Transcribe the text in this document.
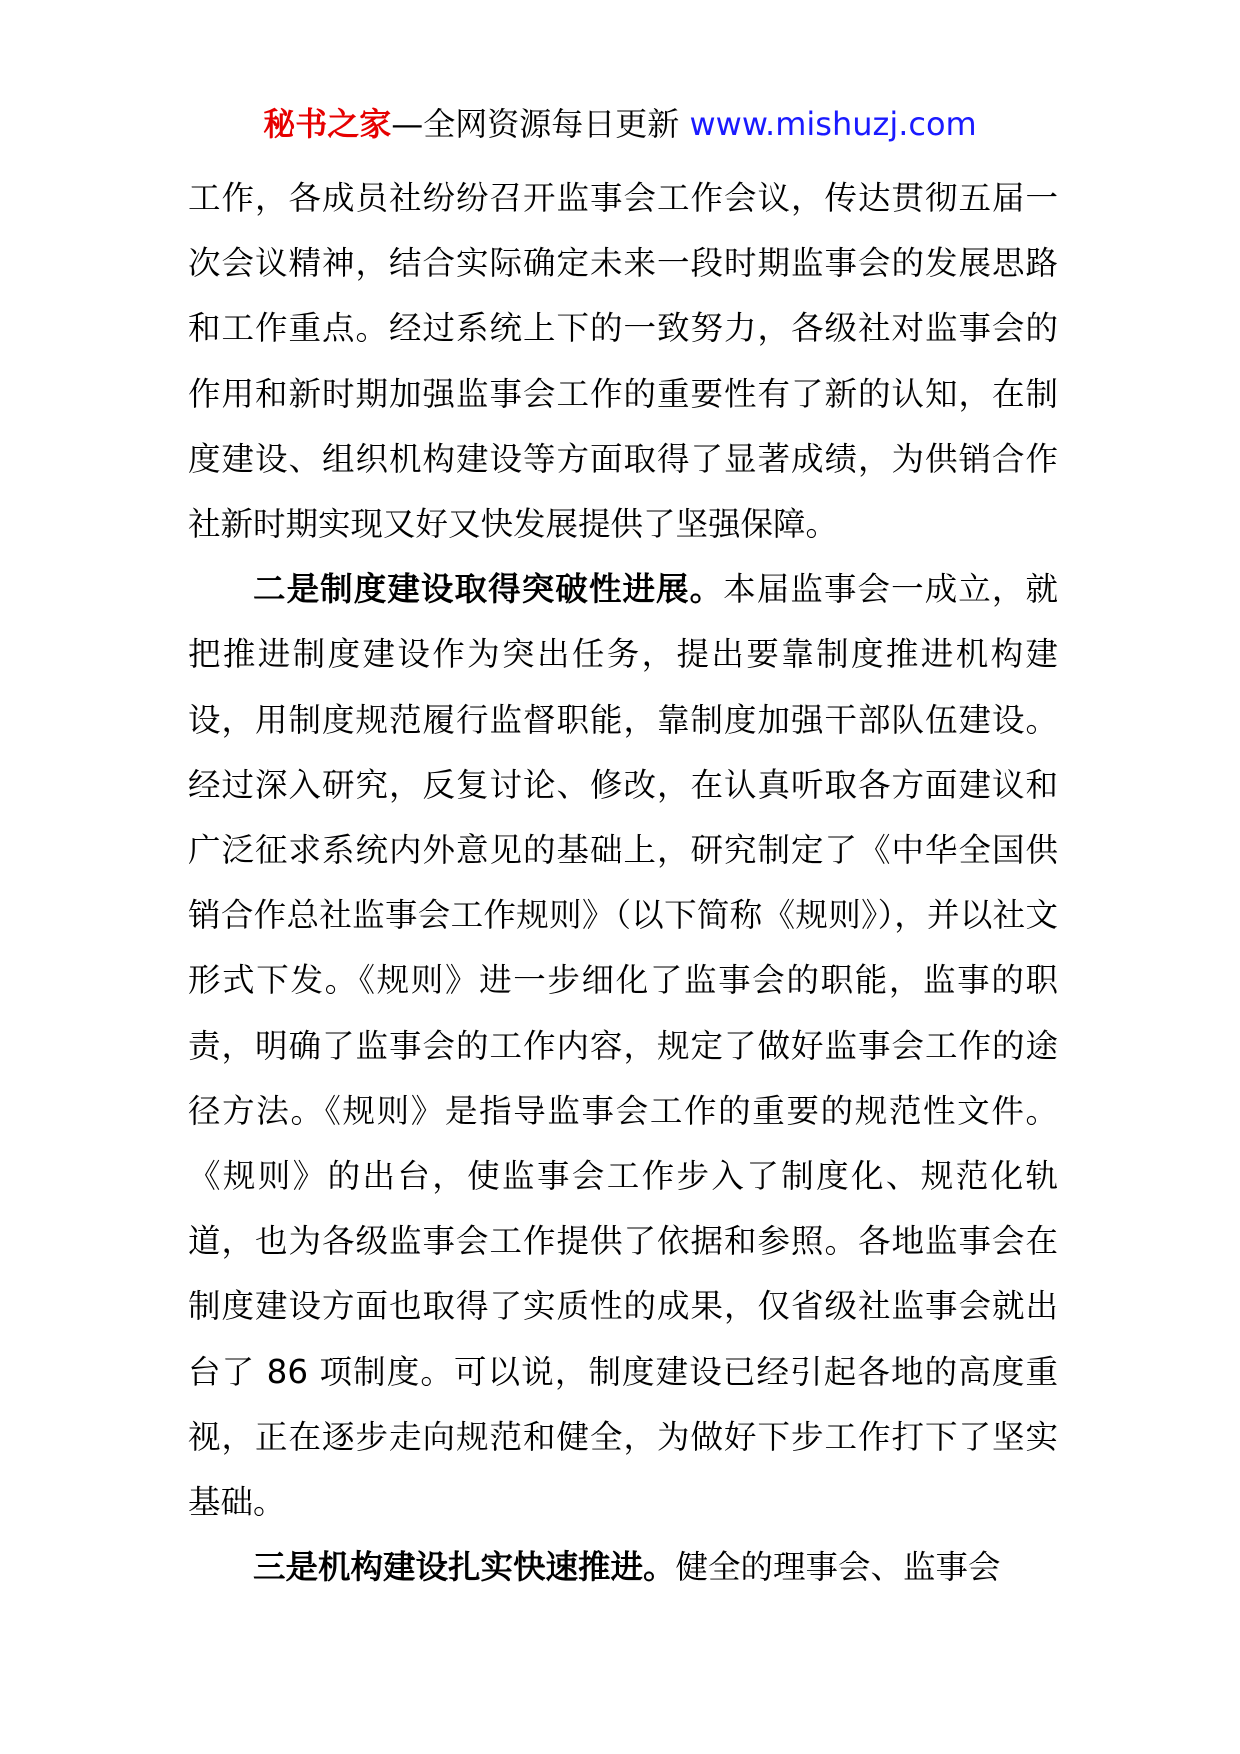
秘书之家—全网资源每日更新 www.mishuzj.com

工作，各成员社纷纷召开监事会工作会议，传达贯彻五届一次会议精神，结合实际确定未来一段时期监事会的发展思路和工作重点。经过系统上下的一致努力，各级社对监事会的作用和新时期加强监事会工作的重要性有了新的认知，在制度建设、组织机构建设等方面取得了显著成绩，为供销合作社新时期实现又好又快发展提供了坚强保障。

二是制度建设取得突破性进展。本届监事会一成立，就把推进制度建设作为突出任务，提出要靠制度推进机构建设，用制度规范履行监督职能，靠制度加强干部队伍建设。经过深入研究，反复讨论、修改，在认真听取各方面建议和广泛征求系统内外意见的基础上，研究制定了《中华全国供销合作总社监事会工作规则》（以下简称《规则》），并以社文形式下发。《规则》进一步细化了监事会的职能，监事的职责，明确了监事会的工作内容，规定了做好监事会工作的途径方法。《规则》是指导监事会工作的重要的规范性文件。《规则》的出台，使监事会工作步入了制度化、规范化轨道，也为各级监事会工作提供了依据和参照。各地监事会在制度建设方面也取得了实质性的成果，仅省级社监事会就出台了 86 项制度。可以说，制度建设已经引起各地的高度重视，正在逐步走向规范和健全，为做好下步工作打下了坚实基础。

三是机构建设扎实快速推进。健全的理事会、监事会
